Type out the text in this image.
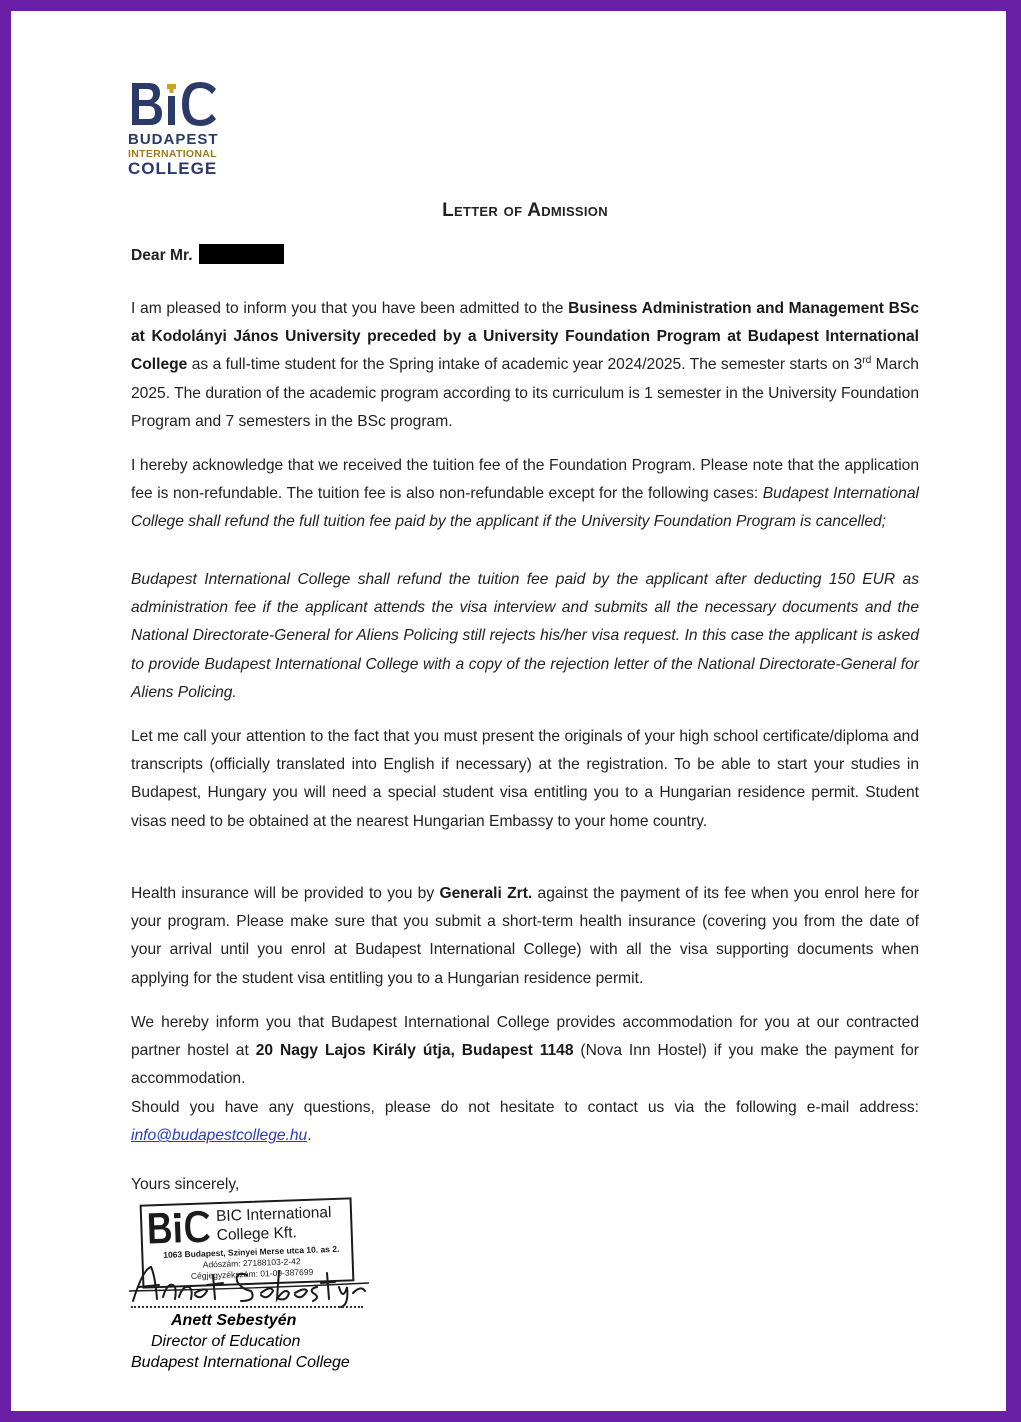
BUDAPEST
INTERNATIONAL
COLLEGE
Letter of Admission
Dear Mr.

I am pleased to inform you that you have been admitted to the Business Administration and Management BSc at Kodolányi János University preceded by a University Foundation Program at Budapest International College as a full-time student for the Spring intake of academic year 2024/2025. The semester starts on 3rd March 2025. The duration of the academic program according to its curriculum is 1 semester in the University Foundation Program and 7 semesters in the BSc program.

I hereby acknowledge that we received the tuition fee of the Foundation Program. Please note that the application fee is non-refundable. The tuition fee is also non-refundable except for the following cases: Budapest International College shall refund the full tuition fee paid by the applicant if the University Foundation Program is cancelled;

Budapest International College shall refund the tuition fee paid by the applicant after deducting 150 EUR as administration fee if the applicant attends the visa interview and submits all the necessary documents and the National Directorate-General for Aliens Policing still rejects his/her visa request. In this case the applicant is asked to provide Budapest International College with a copy of the rejection letter of the National Directorate-General for Aliens Policing.

Let me call your attention to the fact that you must present the originals of your high school certificate/diploma and transcripts (officially translated into English if necessary) at the registration. To be able to start your studies in Budapest, Hungary you will need a special student visa entitling you to a Hungarian residence permit. Student visas need to be obtained at the nearest Hungarian Embassy to your home country.

Health insurance will be provided to you by Generali Zrt. against the payment of its fee when you enrol here for your program. Please make sure that you submit a short-term health insurance (covering you from the date of your arrival until you enrol at Budapest International College) with all the visa supporting documents when applying for the student visa entitling you to a Hungarian residence permit.

We hereby inform you that Budapest International College provides accommodation for you at our contracted partner hostel at 20 Nagy Lajos Király útja, Budapest 1148 (Nova Inn Hostel) if you make the payment for accommodation.

Should you have any questions, please do not hesitate to contact us via the following e-mail address: info@budapestcollege.hu.

Yours sincerely,
BIC International College Kft.
1063 Budapest, Szinyei Merse utca 10. as 2.
Adószám: 27188103-2-42
Cégjegyzékszám: 01-09-387699
Anett Sebestyén
Director of Education
Budapest International College
